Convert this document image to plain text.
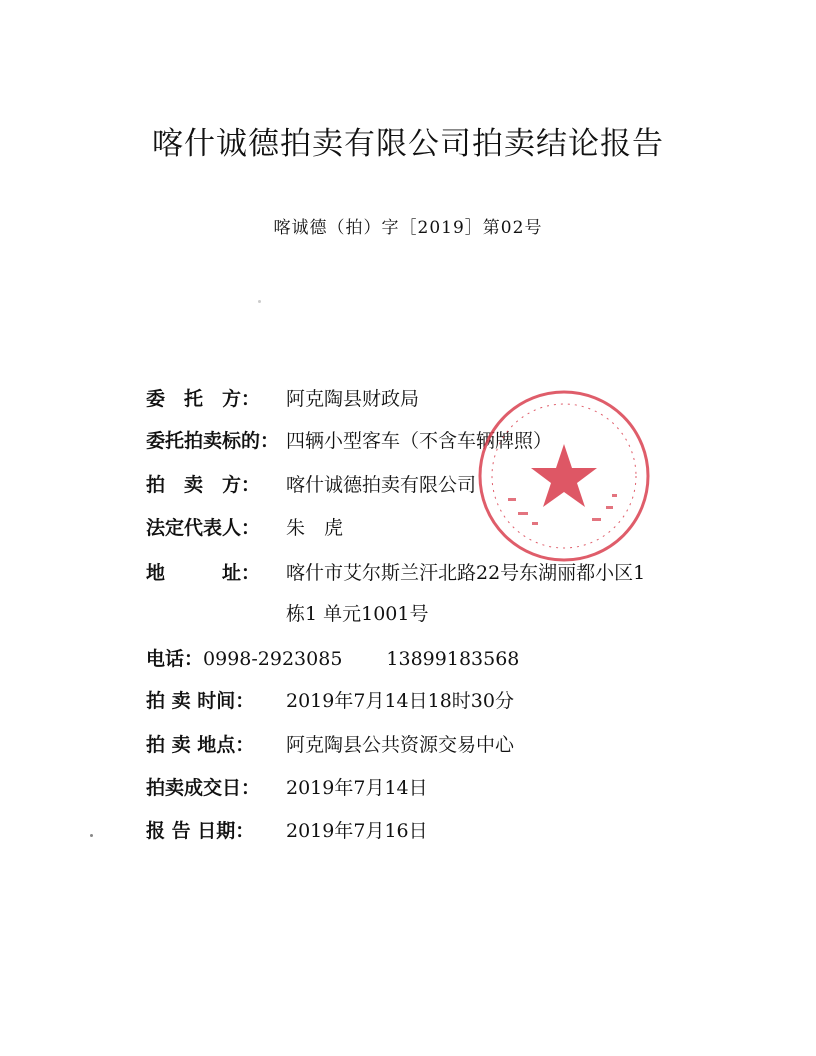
喀什诚德拍卖有限公司拍卖结论报告
喀诚德（拍）字［2019］第02号
委　托　方： 阿克陶县财政局
委托拍卖标的： 四辆小型客车（不含车辆牌照）
拍　卖　方： 喀什诚德拍卖有限公司
法定代表人： 朱　虎
地　　　址： 喀什市艾尔斯兰汗北路22号东湖丽都小区1
栋1 单元1001号
电话：0998-2923085 13899183568
拍 卖 时间： 2019年7月14日18时30分
拍 卖 地点： 阿克陶县公共资源交易中心
拍卖成交日： 2019年7月14日
报 告 日期： 2019年7月16日
